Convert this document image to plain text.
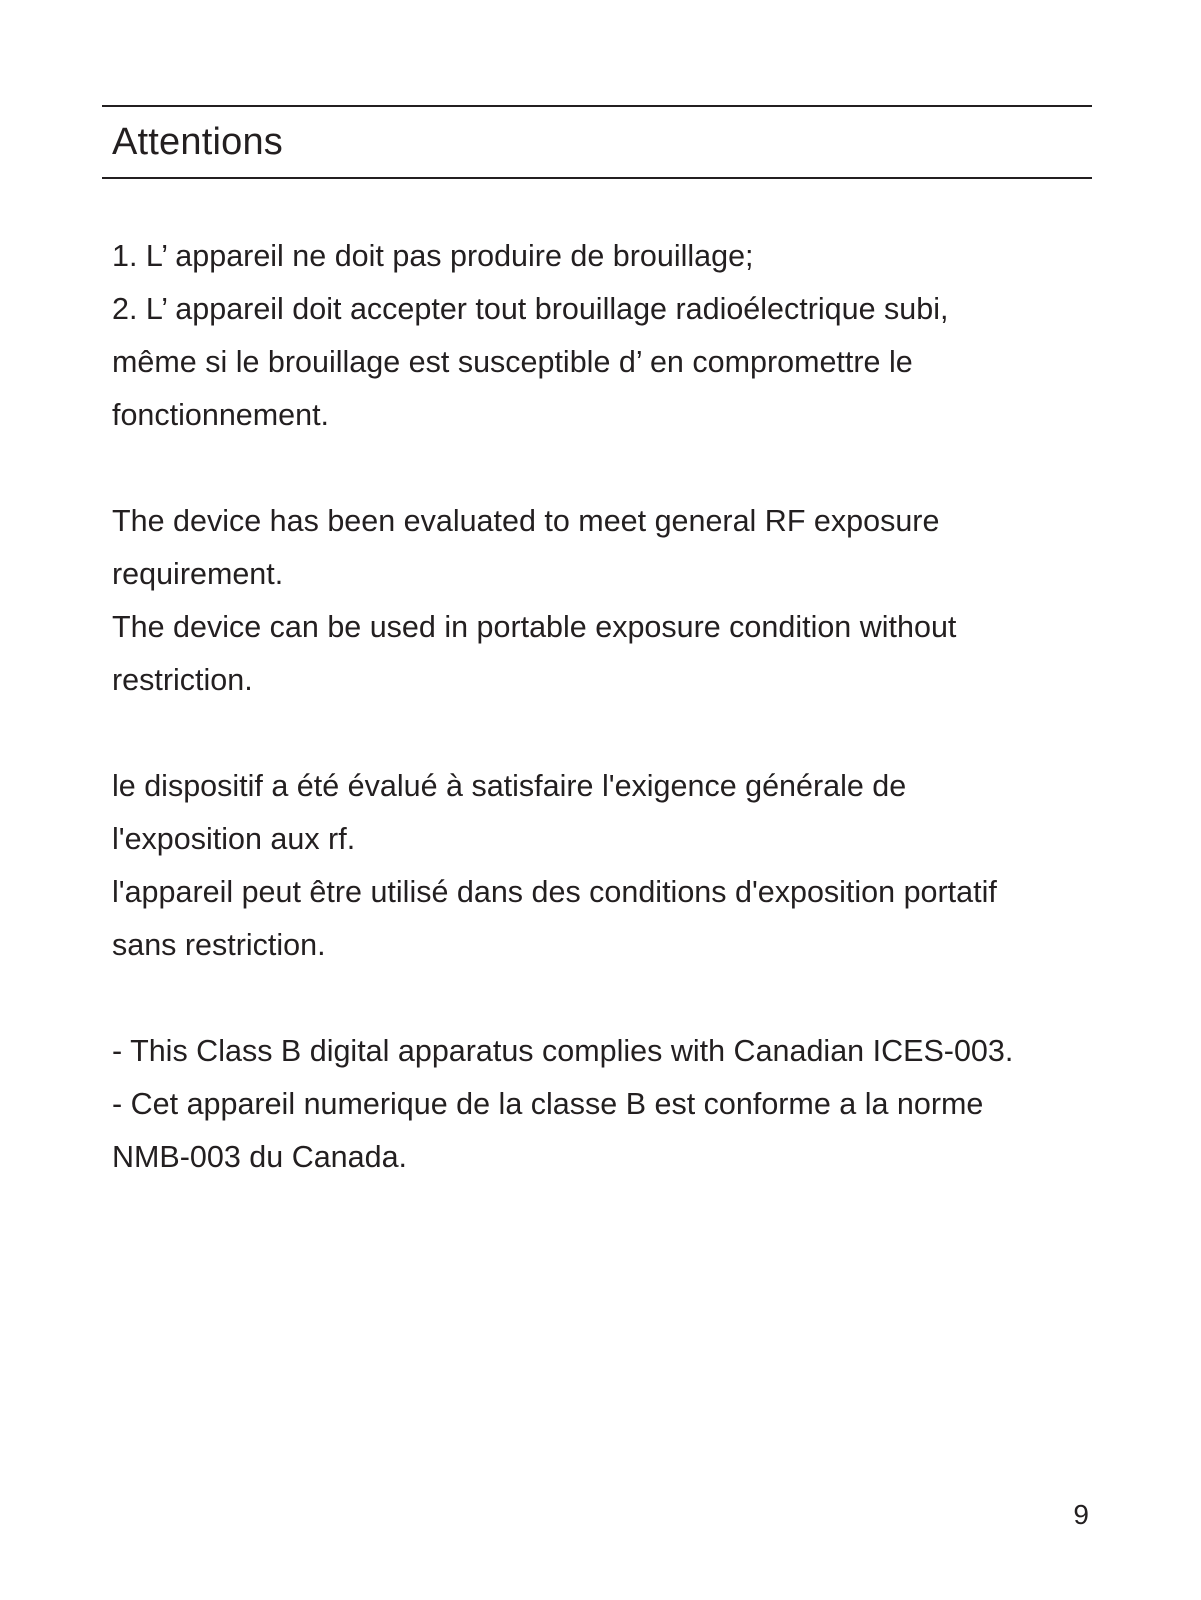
Attentions

1. L’ appareil ne doit pas produire de brouillage;

2. L’ appareil doit accepter tout brouillage radioélectrique subi,

même si le brouillage est susceptible d’ en compromettre le

fonctionnement.

The device has been evaluated to meet general RF exposure

requirement.

The device can be used in portable exposure condition without

restriction.

le dispositif a été évalué à satisfaire l'exigence générale de

l'exposition aux rf.

l'appareil peut être utilisé dans des conditions d'exposition portatif

sans restriction.

- This Class B digital apparatus complies with Canadian ICES-003.

- Cet appareil numerique de la classe B est conforme a la norme

NMB-003 du Canada.

9
